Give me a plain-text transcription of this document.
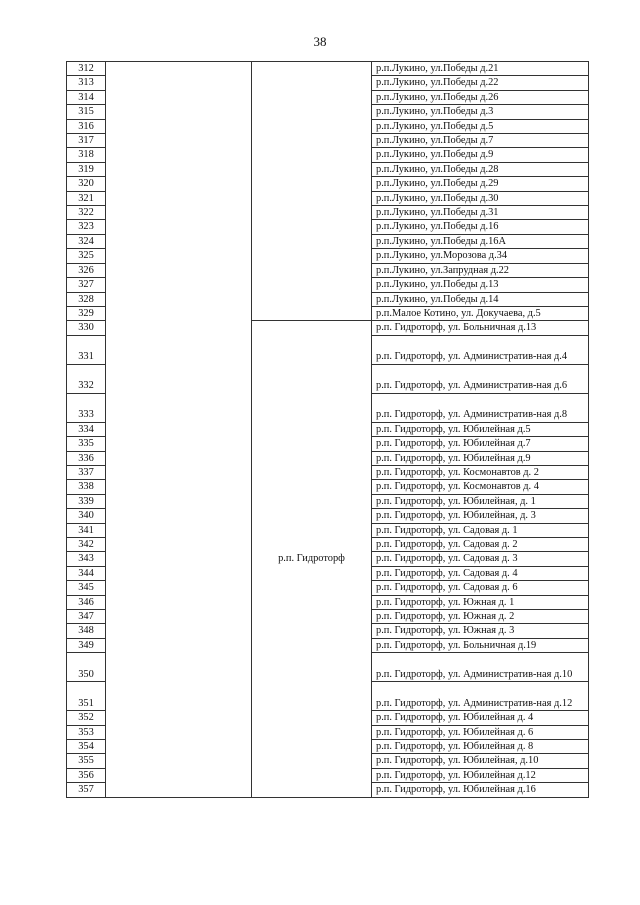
38
312			р.п.Лукино, ул.Победы д.21
313			р.п.Лукино, ул.Победы д.22
314			р.п.Лукино, ул.Победы д.26
315			р.п.Лукино, ул.Победы д.3
316			р.п.Лукино, ул.Победы д.5
317			р.п.Лукино, ул.Победы д.7
318			р.п.Лукино, ул.Победы д.9
319			р.п.Лукино, ул.Победы д.28
320			р.п.Лукино, ул.Победы д.29
321			р.п.Лукино, ул.Победы д.30
322			р.п.Лукино, ул.Победы д.31
323			р.п.Лукино, ул.Победы д.16
324			р.п.Лукино, ул.Победы д.16А
325			р.п.Лукино, ул.Морозова д.34
326			р.п.Лукино, ул.Запрудная д.22
327			р.п.Лукино, ул.Победы д.13
328			р.п.Лукино, ул.Победы д.14
329			р.п.Малое Котино, ул. Докучаева, д.5
330		р.п. Гидроторф	р.п. Гидроторф, ул. Больничная д.13
331			р.п. Гидроторф, ул. Административ-ная д.4
332			р.п. Гидроторф, ул. Административ-ная д.6
333			р.п. Гидроторф, ул. Административ-ная д.8
334			р.п. Гидроторф, ул. Юбилейная д.5
335			р.п. Гидроторф, ул. Юбилейная д.7
336			р.п. Гидроторф, ул. Юбилейная д.9
337			р.п. Гидроторф, ул. Космонавтов д. 2
338			р.п. Гидроторф, ул. Космонавтов д. 4
339			р.п. Гидроторф, ул. Юбилейная, д. 1
340			р.п. Гидроторф, ул. Юбилейная, д. 3
341			р.п. Гидроторф, ул. Садовая д. 1
342			р.п. Гидроторф, ул. Садовая д. 2
343			р.п. Гидроторф, ул. Садовая д. 3
344			р.п. Гидроторф, ул. Садовая д. 4
345			р.п. Гидроторф, ул. Садовая д. 6
346			р.п. Гидроторф, ул. Южная д. 1
347			р.п. Гидроторф, ул. Южная д. 2
348			р.п. Гидроторф, ул. Южная д. 3
349			р.п. Гидроторф, ул. Больничная д.19
350			р.п. Гидроторф, ул. Административ-ная д.10
351			р.п. Гидроторф, ул. Административ-ная д.12
352			р.п. Гидроторф, ул. Юбилейная д. 4
353			р.п. Гидроторф, ул. Юбилейная д. 6
354			р.п. Гидроторф, ул. Юбилейная д. 8
355			р.п. Гидроторф, ул. Юбилейная, д.10
356			р.п. Гидроторф, ул. Юбилейная д.12
357			р.п. Гидроторф, ул. Юбилейная д.16
